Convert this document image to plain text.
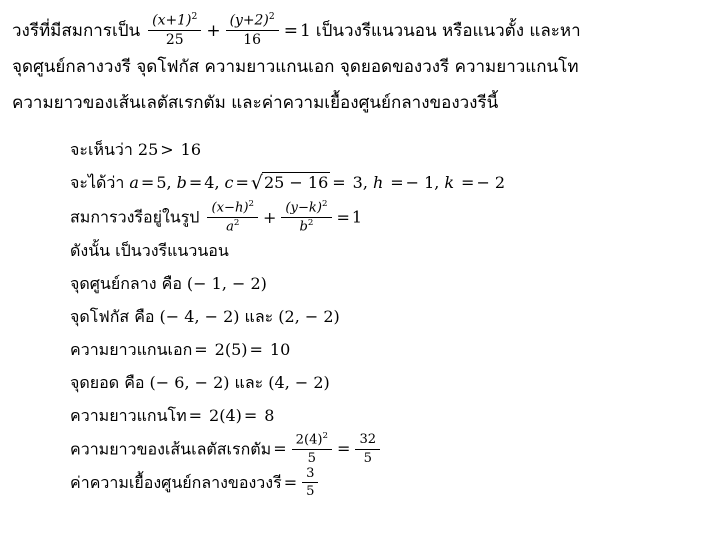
วงรีที่มีสมการเป็น $\frac{(x+1)^2}{25} + \frac{(y+2)^2}{16} = 1$ เป็นวงรีแนวนอน หรือแนวตั้ง และหา
จุดศูนย์กลางวงรี จุดโฟกัส ความยาวแกนเอก จุดยอดของวงรี ความยาวแกนโท
ความยาวของเส้นเลตัสเรกตัม และค่าความเยื้องศูนย์กลางของวงรีนี้
จะเห็นว่า 25 > 16
จะได้ว่า a = 5, b = 4, c = √25 − 16 = 3, h = − 1, k = − 2
สมการวงรีอยู่ในรูป $\frac{(x-h)^2}{a^2} + \frac{(y-k)^2}{b^2} = 1$
ดังนั้น เป็นวงรีแนวนอน
จุดศูนย์กลาง คือ (− 1, − 2)
จุดโฟกัส คือ (− 4, − 2) และ (2, − 2)
ความยาวแกนเอก = 2(5) = 10
จุดยอด คือ (− 6, − 2) และ (4, − 2)
ความยาวแกนโท = 2(4) = 8
ความยาวของเส้นเลตัสเรกตัม = $\frac{2(4)^2}{5} = \frac{32}{5}$
ค่าความเยื้องศูนย์กลางของวงรี = $\frac{3}{5}$
